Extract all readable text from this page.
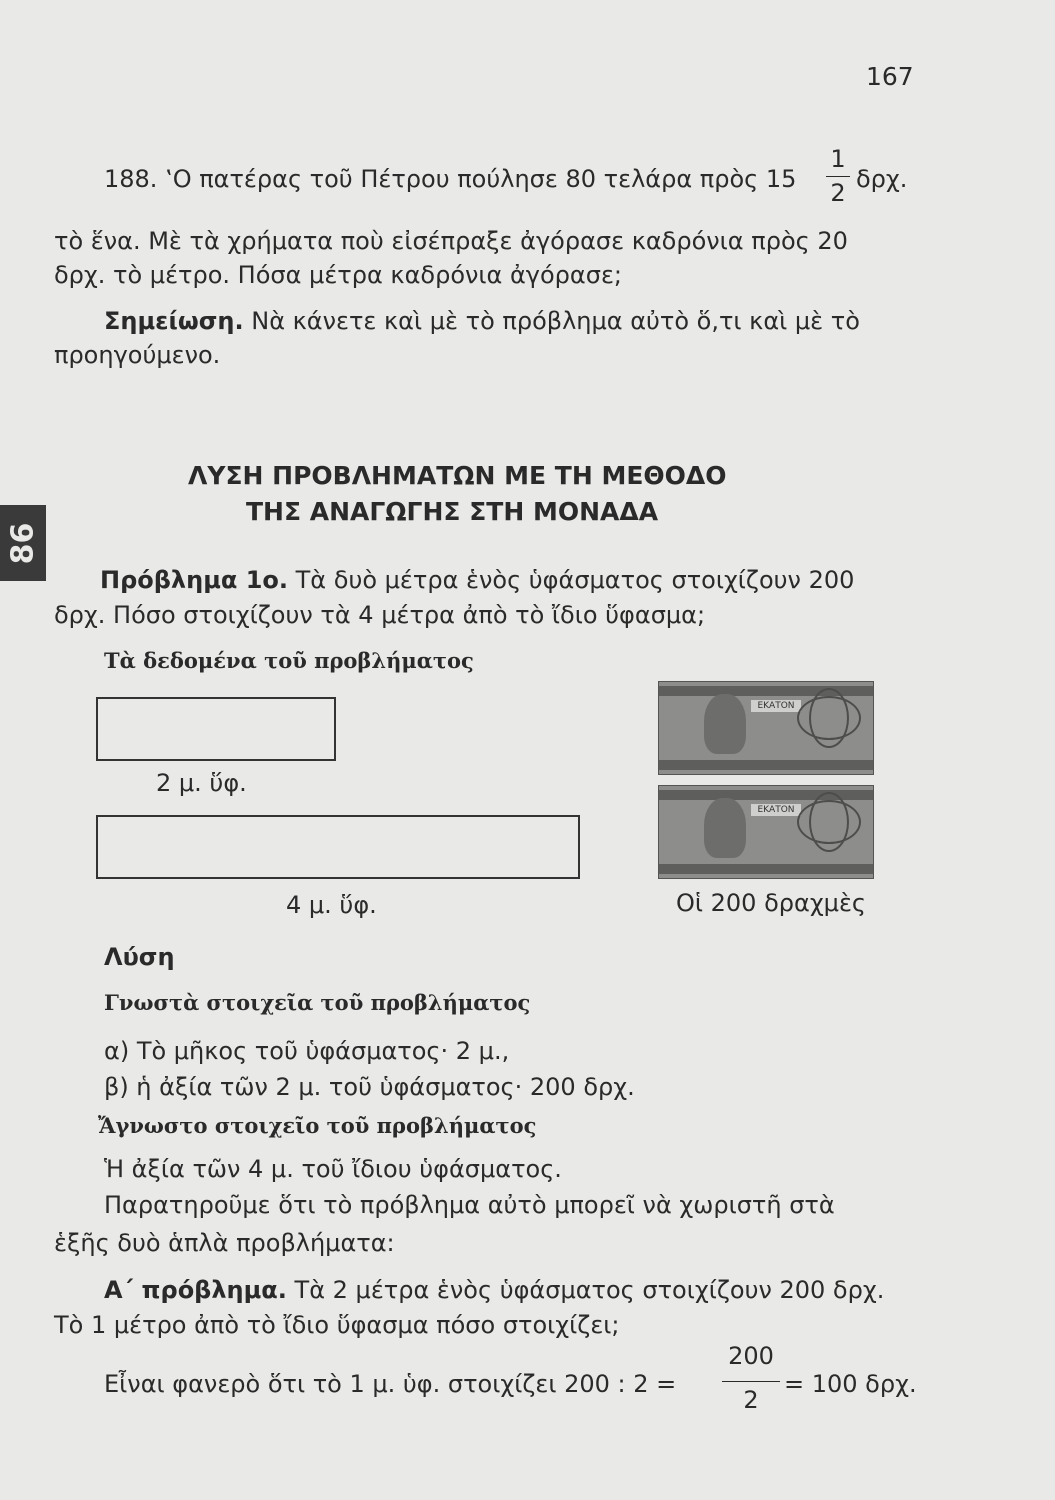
167
188. ‛Ο πατέρας τοῦ Πέτρου πούλησε 80 τελάρα πρὸς 15
1
2 δρχ.
τὸ ἕνα. Μὲ τὰ χρήματα ποὺ εἰσέπραξε ἀγόρασε καδρόνια πρὸς 20
δρχ. τὸ μέτρο. Πόσα μέτρα καδρόνια ἀγόρασε;
Σημείωση. Νὰ κάνετε καὶ μὲ τὸ πρόβλημα αὐτὸ ὅ,τι καὶ μὲ τὸ
προηγούμενο.
ΛΥΣΗ ΠΡΟΒΛΗΜΑΤΩΝ ΜΕ ΤΗ ΜΕΘΟΔΟ
ΤΗΣ ΑΝΑΓΩΓΗΣ ΣΤΗ ΜΟΝΑΔΑ
86
Πρόβλημα 1ο. Τὰ δυὸ μέτρα ἑνὸς ὑφάσματος στοιχίζουν 200
δρχ. Πόσο στοιχίζουν τὰ 4 μέτρα ἀπὸ τὸ ἴδιο ὕφασμα;
Τὰ δεδομένα τοῦ προβλήματος
2 μ. ὕφ.
4 μ. ὕφ.
ΕΚΑΤΟΝ
ΕΚΑΤΟΝ
Οἱ 200 δραχμὲς
Λύση
Γνωστὰ στοιχεῖα τοῦ προβλήματος
α) Τὸ μῆκος τοῦ ὑφάσματος· 2 μ.,
β) ἡ ἀξία τῶν 2 μ. τοῦ ὑφάσματος· 200 δρχ.
Ἄγνωστο στοιχεῖο τοῦ προβλήματος
Ἡ ἀξία τῶν 4 μ. τοῦ ἴδιου ὑφάσματος.
Παρατηροῦμε ὅτι τὸ πρόβλημα αὐτὸ μπορεῖ νὰ χωριστῆ στὰ
ἑξῆς δυὸ ἁπλὰ προβλήματα:
Α΄ πρόβλημα. Τὰ 2 μέτρα ἑνὸς ὑφάσματος στοιχίζουν 200 δρχ.
Τὸ 1 μέτρο ἀπὸ τὸ ἴδιο ὕφασμα πόσο στοιχίζει;
Εἶναι φανερὸ ὅτι τὸ 1 μ. ὑφ. στοιχίζει 200 : 2 =
200
2
= 100 δρχ.
